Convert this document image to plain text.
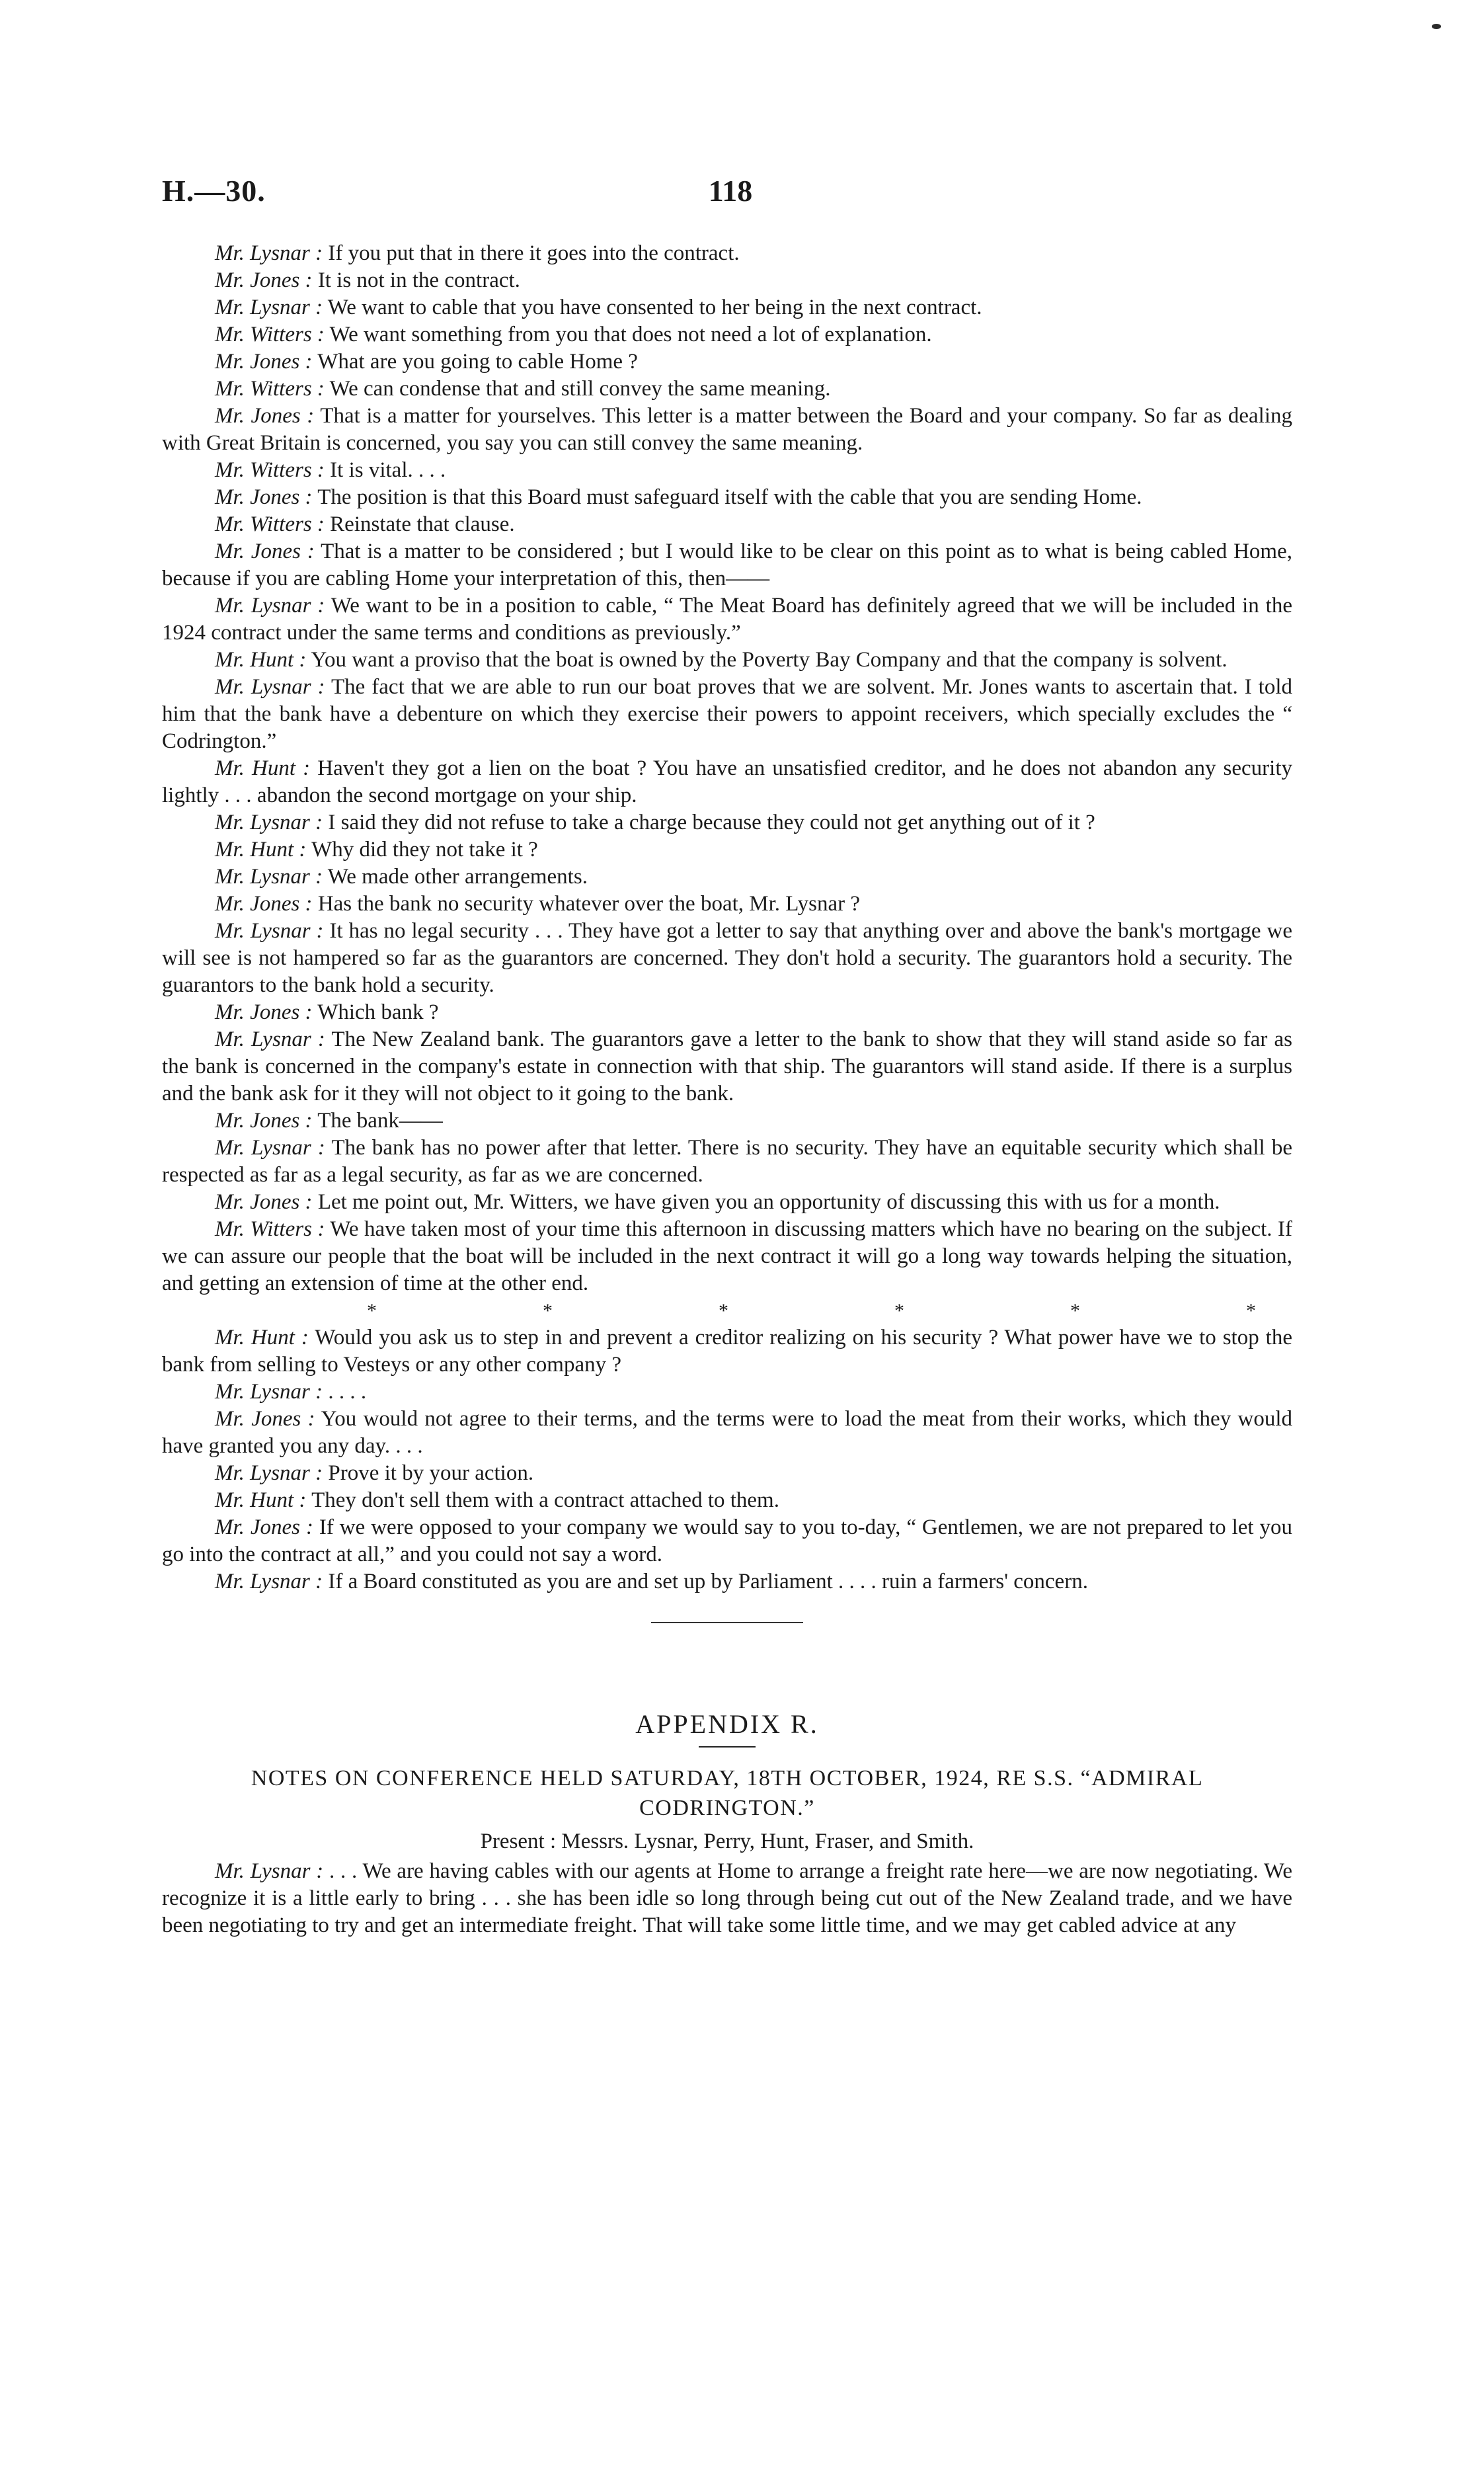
H.—30.	118

Mr. Lysnar : If you put that in there it goes into the contract.

Mr. Jones : It is not in the contract.

Mr. Lysnar : We want to cable that you have consented to her being in the next contract.

Mr. Witters : We want something from you that does not need a lot of explanation.

Mr. Jones : What are you going to cable Home ?

Mr. Witters : We can condense that and still convey the same meaning.

Mr. Jones : That is a matter for yourselves. This letter is a matter between the Board and your company. So far as dealing with Great Britain is concerned, you say you can still convey the same meaning.

Mr. Witters : It is vital. . . .

Mr. Jones : The position is that this Board must safeguard itself with the cable that you are sending Home.

Mr. Witters : Reinstate that clause.

Mr. Jones : That is a matter to be considered ; but I would like to be clear on this point as to what is being cabled Home, because if you are cabling Home your interpretation of this, then——

Mr. Lysnar : We want to be in a position to cable, “ The Meat Board has definitely agreed that we will be included in the 1924 contract under the same terms and conditions as previously.”

Mr. Hunt : You want a proviso that the boat is owned by the Poverty Bay Company and that the company is solvent.

Mr. Lysnar : The fact that we are able to run our boat proves that we are solvent. Mr. Jones wants to ascertain that. I told him that the bank have a debenture on which they exercise their powers to appoint receivers, which specially excludes the “ Codrington.”

Mr. Hunt : Haven't they got a lien on the boat ? You have an unsatisfied creditor, and he does not abandon any security lightly . . . abandon the second mortgage on your ship.

Mr. Lysnar : I said they did not refuse to take a charge because they could not get anything out of it ?

Mr. Hunt : Why did they not take it ?

Mr. Lysnar : We made other arrangements.

Mr. Jones : Has the bank no security whatever over the boat, Mr. Lysnar ?

Mr. Lysnar : It has no legal security . . . They have got a letter to say that anything over and above the bank's mortgage we will see is not hampered so far as the guarantors are concerned. They don't hold a security. The guarantors hold a security. The guarantors to the bank hold a security.

Mr. Jones : Which bank ?

Mr. Lysnar : The New Zealand bank. The guarantors gave a letter to the bank to show that they will stand aside so far as the bank is concerned in the company's estate in connection with that ship. The guarantors will stand aside. If there is a surplus and the bank ask for it they will not object to it going to the bank.

Mr. Jones : The bank——

Mr. Lysnar : The bank has no power after that letter. There is no security. They have an equitable security which shall be respected as far as a legal security, as far as we are concerned.

Mr. Jones : Let me point out, Mr. Witters, we have given you an opportunity of discussing this with us for a month.

Mr. Witters : We have taken most of your time this afternoon in discussing matters which have no bearing on the subject. If we can assure our people that the boat will be included in the next contract it will go a long way towards helping the situation, and getting an extension of time at the other end.

*	*	*	*	*	*

Mr. Hunt : Would you ask us to step in and prevent a creditor realizing on his security ? What power have we to stop the bank from selling to Vesteys or any other company ?

Mr. Lysnar : . . . .

Mr. Jones : You would not agree to their terms, and the terms were to load the meat from their works, which they would have granted you any day. . . .

Mr. Lysnar : Prove it by your action.

Mr. Hunt : They don't sell them with a contract attached to them.

Mr. Jones : If we were opposed to your company we would say to you to-day, “ Gentlemen, we are not prepared to let you go into the contract at all,” and you could not say a word.

Mr. Lysnar : If a Board constituted as you are and set up by Parliament . . . . ruin a farmers' concern.

APPENDIX R.
NOTES ON CONFERENCE HELD SATURDAY, 18TH OCTOBER, 1924, RE S.S. “ADMIRAL
CODRINGTON.”
Present : Messrs. Lysnar, Perry, Hunt, Fraser, and Smith.

Mr. Lysnar : . . . We are having cables with our agents at Home to arrange a freight rate here—we are now negotiating. We recognize it is a little early to bring . . . she has been idle so long through being cut out of the New Zealand trade, and we have been negotiating to try and get an intermediate freight. That will take some little time, and we may get cabled advice at any
